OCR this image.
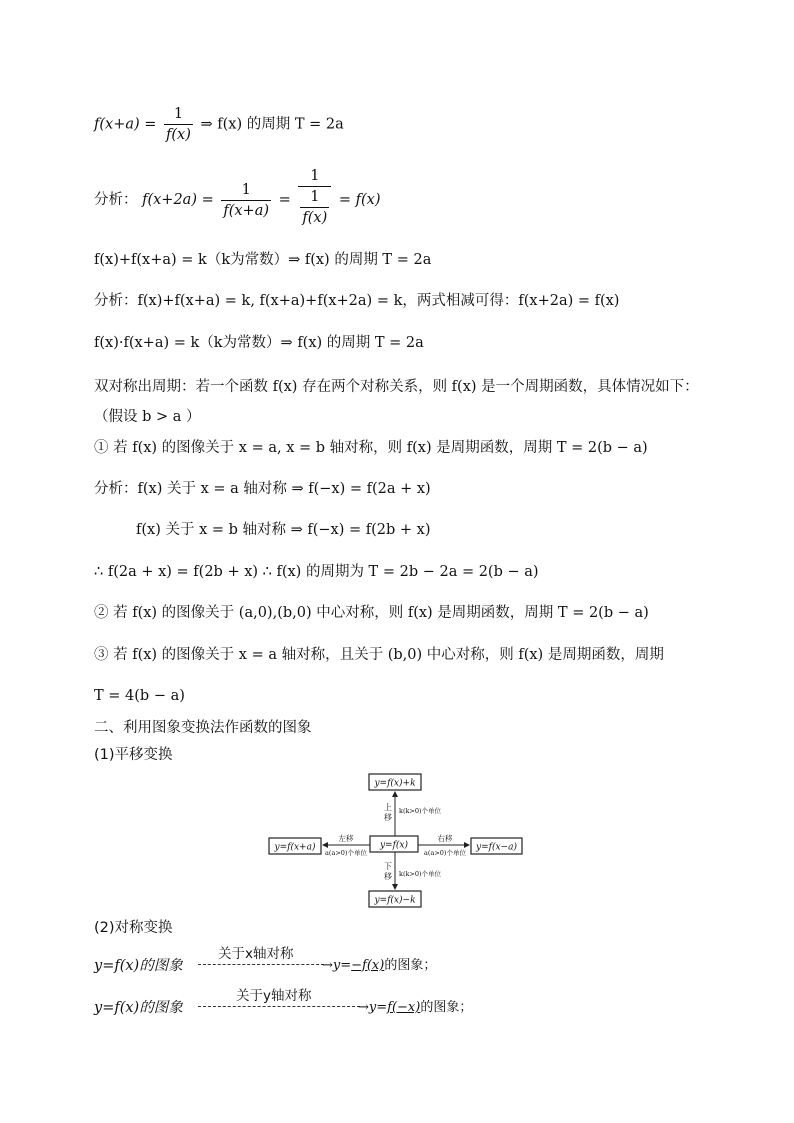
$f(x+a) = \frac{1}{f(x)}$ ⇒ f(x) 的周期 T = 2a
分析： $f(x+2a) = \frac{1}{f(x+a)} = 1$
1
f(x) = f(x)
f(x)+f(x+a) = k（k为常数）⇒ f(x) 的周期 T = 2a
分析：f(x)+f(x+a) = k, f(x+a)+f(x+2a) = k，两式相减可得：f(x+2a) = f(x)
f(x)·f(x+a) = k（k为常数）⇒ f(x) 的周期 T = 2a
双对称出周期：若一个函数 f(x) 存在两个对称关系，则 f(x) 是一个周期函数，具体情况如下：
（假设 b > a ）
① 若 f(x) 的图像关于 x = a, x = b 轴对称，则 f(x) 是周期函数，周期 T = 2(b − a)
分析：f(x) 关于 x = a 轴对称 ⇒ f(−x) = f(2a + x)
f(x) 关于 x = b 轴对称 ⇒ f(−x) = f(2b + x)
∴ f(2a + x) = f(2b + x) ∴ f(x) 的周期为 T = 2b − 2a = 2(b − a)
② 若 f(x) 的图像关于 (a,0),(b,0) 中心对称，则 f(x) 是周期函数，周期 T = 2(b − a)
③ 若 f(x) 的图像关于 x = a 轴对称，且关于 (b,0) 中心对称，则 f(x) 是周期函数，周期
T = 4(b − a)
二、利用图象变换法作函数的图象
(1)平移变换
y=f(x)+k
y=f(x)
y=f(x+a)	y=f(x−a)
y=f(x)−k
上
移
k(k>0)个单位
下
移 k(k>0)个单位
左移
a(a>0)个单位
右移
a(a>0)个单位
(2)对称变换
y=f(x)的图象
关于x轴对称
→y=−f(x)的图象；
y=f(x)的图象
关于y轴对称
→y=f(−x)的图象；
